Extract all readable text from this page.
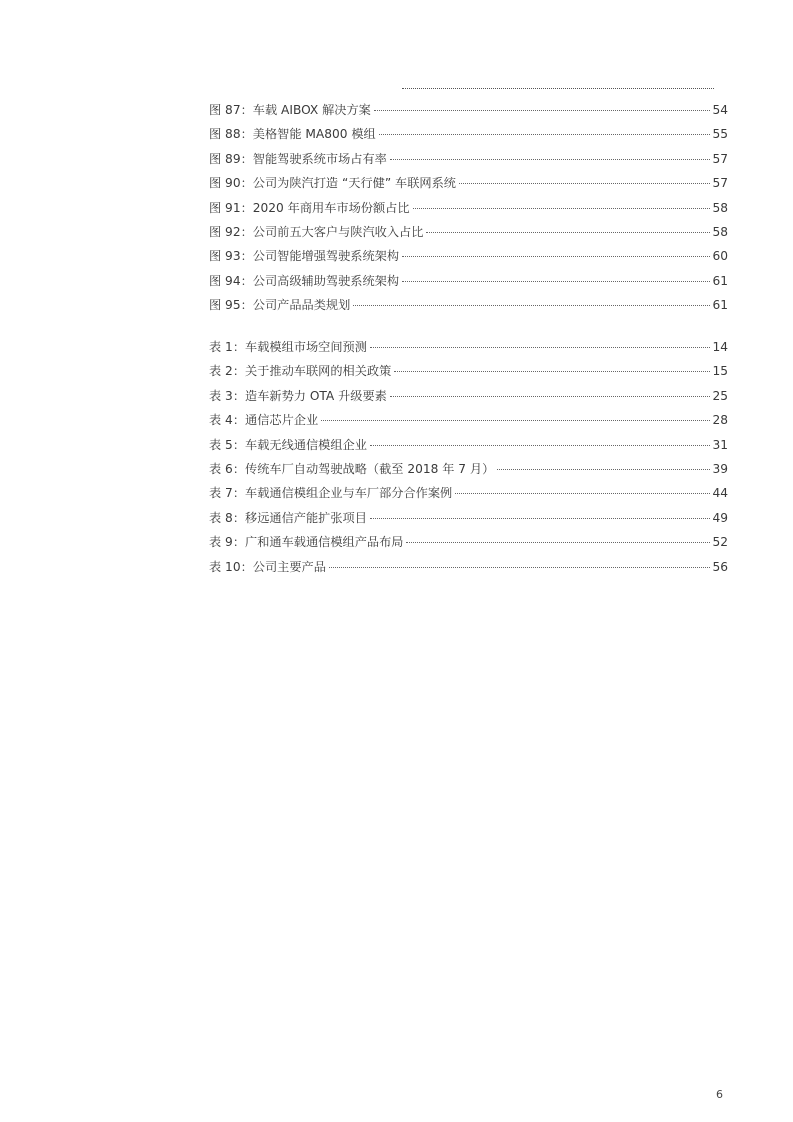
图 87：车载 AIBOX 解决方案	54
图 88：美格智能 MA800 模组	55
图 89：智能驾驶系统市场占有率	57
图 90：公司为陕汽打造 “天行健” 车联网系统	57
图 91：2020 年商用车市场份额占比	58
图 92：公司前五大客户与陕汽收入占比	58
图 93：公司智能增强驾驶系统架构	60
图 94：公司高级辅助驾驶系统架构	61
图 95：公司产品品类规划	61
表 1：车载模组市场空间预测	14
表 2：关于推动车联网的相关政策	15
表 3：造车新势力 OTA 升级要素	25
表 4：通信芯片企业	28
表 5：车载无线通信模组企业	31
表 6：传统车厂自动驾驶战略（截至 2018 年 7 月）	39
表 7：车载通信模组企业与车厂部分合作案例	44
表 8：移远通信产能扩张项目	49
表 9：广和通车载通信模组产品布局	52
表 10：公司主要产品	56
6
